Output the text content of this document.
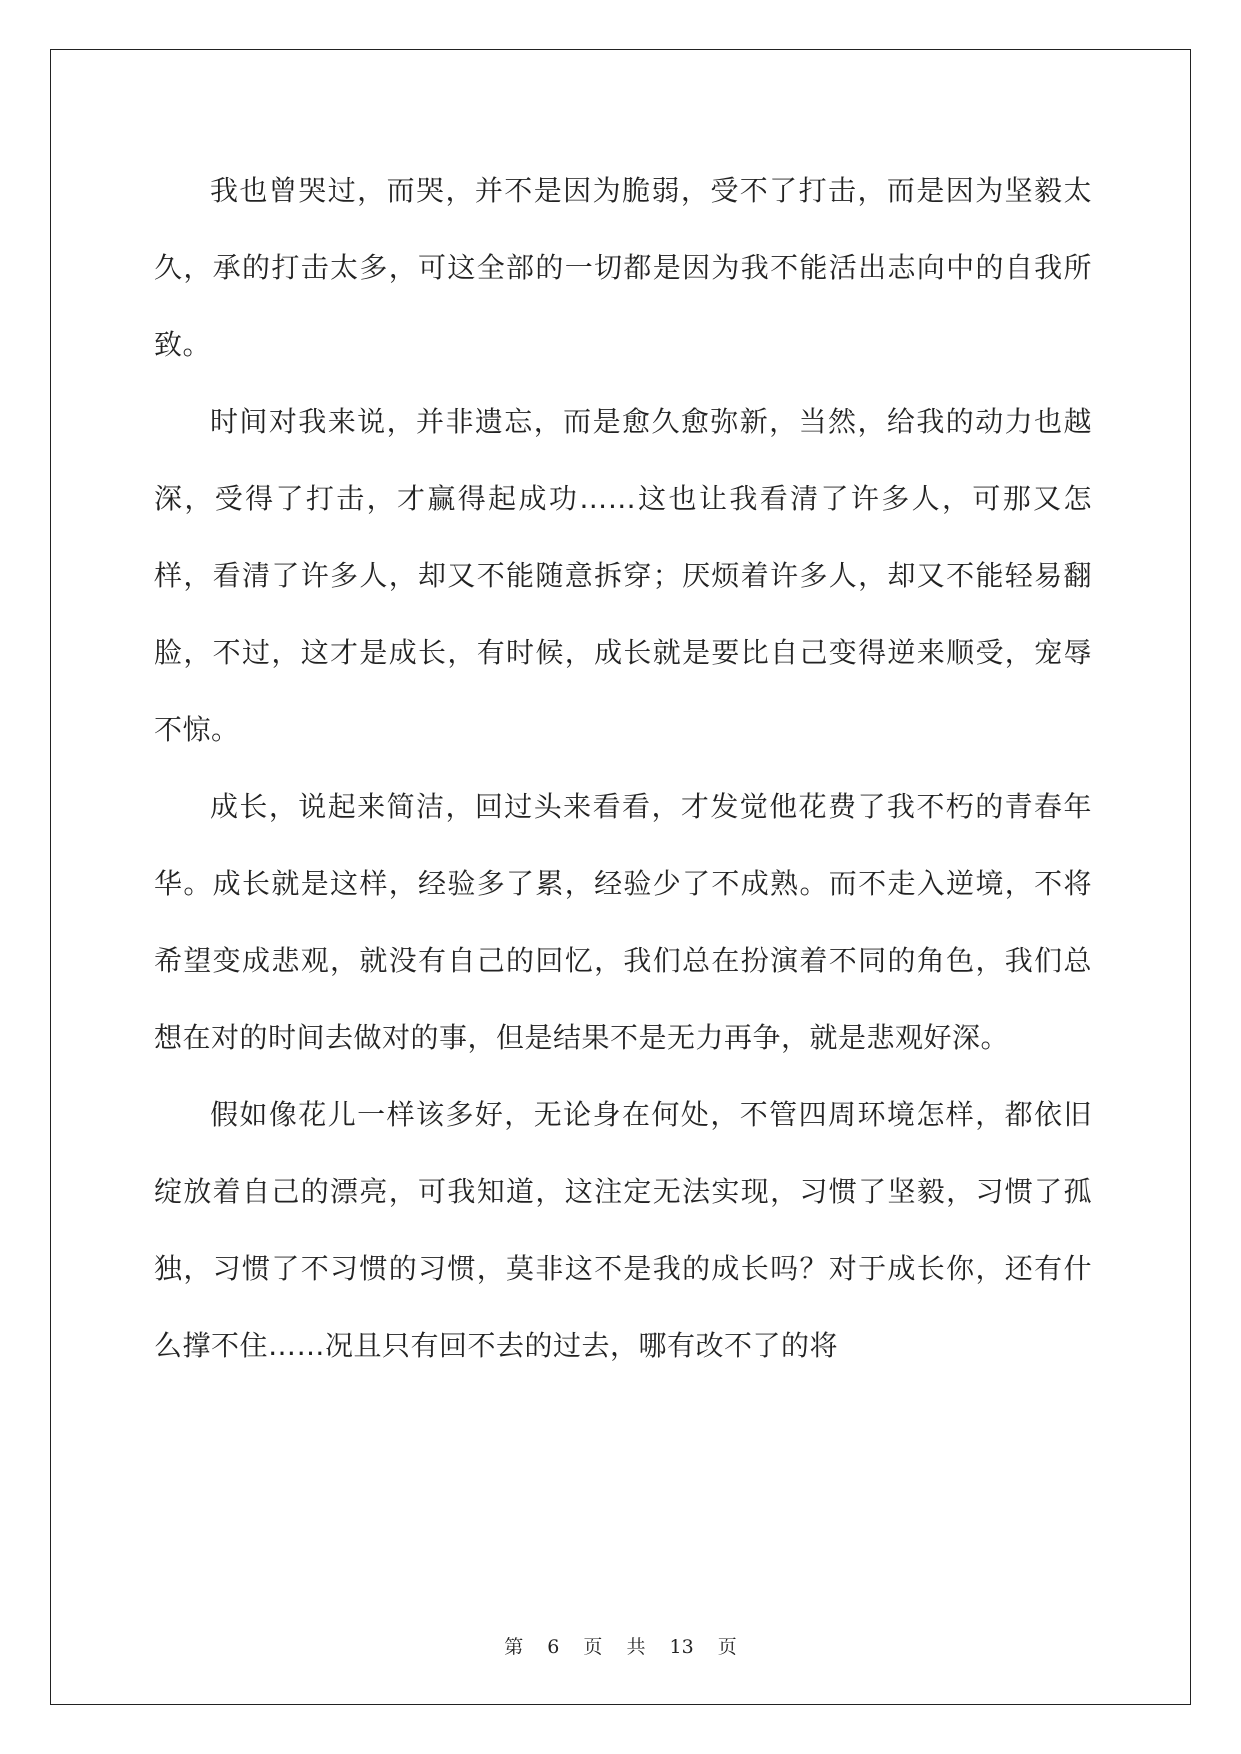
我也曾哭过，而哭，并不是因为脆弱，受不了打击，而是因为坚毅太久，承的打击太多，可这全部的一切都是因为我不能活出志向中的自我所致。

时间对我来说，并非遗忘，而是愈久愈弥新，当然，给我的动力也越深，受得了打击，才赢得起成功……这也让我看清了许多人，可那又怎样，看清了许多人，却又不能随意拆穿；厌烦着许多人，却又不能轻易翻脸，不过，这才是成长，有时候，成长就是要比自己变得逆来顺受，宠辱不惊。

成长，说起来简洁，回过头来看看，才发觉他花费了我不朽的青春年华。成长就是这样，经验多了累，经验少了不成熟。而不走入逆境，不将希望变成悲观，就没有自己的回忆，我们总在扮演着不同的角色，我们总想在对的时间去做对的事，但是结果不是无力再争，就是悲观好深。

假如像花儿一样该多好，无论身在何处，不管四周环境怎样，都依旧绽放着自己的漂亮，可我知道，这注定无法实现，习惯了坚毅，习惯了孤独，习惯了不习惯的习惯，莫非这不是我的成长吗？对于成长你，还有什么撑不住……况且只有回不去的过去，哪有改不了的将

第 6 页 共 13 页
